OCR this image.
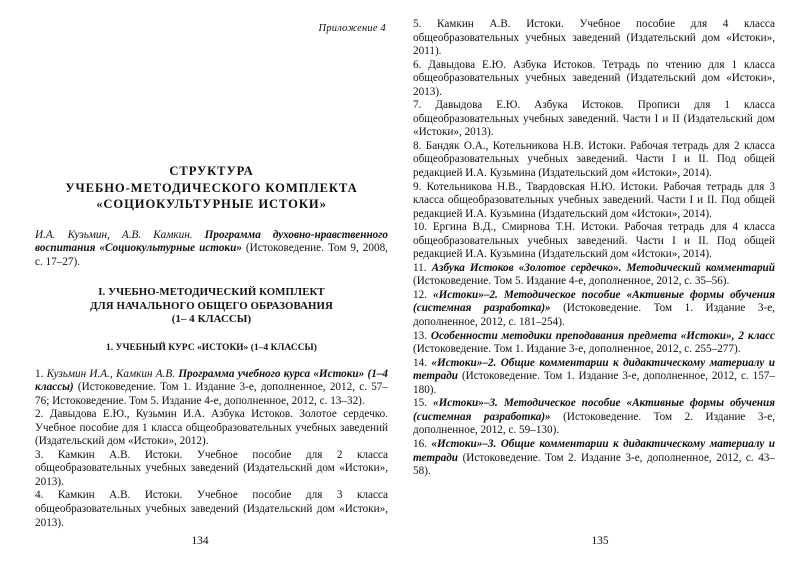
Приложение 4
СТРУКТУРА
УЧЕБНО-МЕТОДИЧЕСКОГО КОМПЛЕКТА
«СОЦИОКУЛЬТУРНЫЕ ИСТОКИ»
И.А. Кузьмин, А.В. Камкин. Программа духовно-нравственного воспитания «Социокультурные истоки» (Истоковедение. Том 9, 2008, с. 17–27).
I. УЧЕБНО-МЕТОДИЧЕСКИЙ КОМПЛЕКТ
ДЛЯ НАЧАЛЬНОГО ОБЩЕГО ОБРАЗОВАНИЯ
(1– 4 КЛАССЫ)
1. УЧЕБНЫЙ КУРС «ИСТОКИ» (1–4 КЛАССЫ)
1. Кузьмин И.А., Камкин А.В. Программа учебного курса «Истоки» (1–4 классы) (Истоковедение. Том 1. Издание 3-е, дополненное, 2012, с. 57–76; Истоковедение. Том 5. Издание 4-е, дополненное, 2012, с. 13–32).
2. Давыдова Е.Ю., Кузьмин И.А. Азбука Истоков. Золотое сердечко. Учебное пособие для 1 класса общеобразовательных учебных заведений (Издательский дом «Истоки», 2012).
3. Камкин А.В. Истоки. Учебное пособие для 2 класса общеобразовательных учебных заведений (Издательский дом «Истоки», 2013).
4. Камкин А.В. Истоки. Учебное пособие для 3 класса общеобразовательных учебных заведений (Издательский дом «Истоки», 2013).
134
5. Камкин А.В. Истоки. Учебное пособие для 4 класса общеобразовательных учебных заведений (Издательский дом «Истоки», 2011).
6. Давыдова Е.Ю. Азбука Истоков. Тетрадь по чтению для 1 класса общеобразовательных учебных заведений (Издательский дом «Истоки», 2013).
7. Давыдова Е.Ю. Азбука Истоков. Прописи для 1 класса общеобразовательных учебных заведений. Части I и II (Издательский дом «Истоки», 2013).
8. Бандяк О.А., Котельникова Н.В. Истоки. Рабочая тетрадь для 2 класса общеобразовательных учебных заведений. Части I и II. Под общей редакцией И.А. Кузьмина (Издательский дом «Истоки», 2014).
9. Котельникова Н.В., Твардовская Н.Ю. Истоки. Рабочая тетрадь для 3 класса общеобразовательных учебных заведений. Части I и II. Под общей редакцией И.А. Кузьмина (Издательский дом «Истоки», 2014).
10. Ергина В.Д., Смирнова Т.Н. Истоки. Рабочая тетрадь для 4 класса общеобразовательных учебных заведений. Части I и II. Под общей редакцией И.А. Кузьмина (Издательский дом «Истоки», 2014).
11. Азбука Истоков «Золотое сердечко». Методический комментарий (Истоковедение. Том 5. Издание 4-е, дополненное, 2012, с. 35–56).
12. «Истоки»–2. Методическое пособие «Активные формы обучения (системная разработка)» (Истоковедение. Том 1. Издание 3-е, дополненное, 2012, с. 181–254).
13. Особенности методики преподавания предмета «Истоки», 2 класс (Истоковедение. Том 1. Издание 3-е, дополненное, 2012, с. 255–277).
14. «Истоки»–2. Общие комментарии к дидактическому материалу и тетради (Истоковедение. Том 1. Издание 3-е, дополненное, 2012, с. 157–180).
15. «Истоки»–3. Методическое пособие «Активные формы обучения (системная разработка)» (Истоковедение. Том 2. Издание 3-е, дополненное, 2012, с. 59–130).
16. «Истоки»–3. Общие комментарии к дидактическому материалу и тетради (Истоковедение. Том 2. Издание 3-е, дополненное, 2012, с. 43–58).
135
